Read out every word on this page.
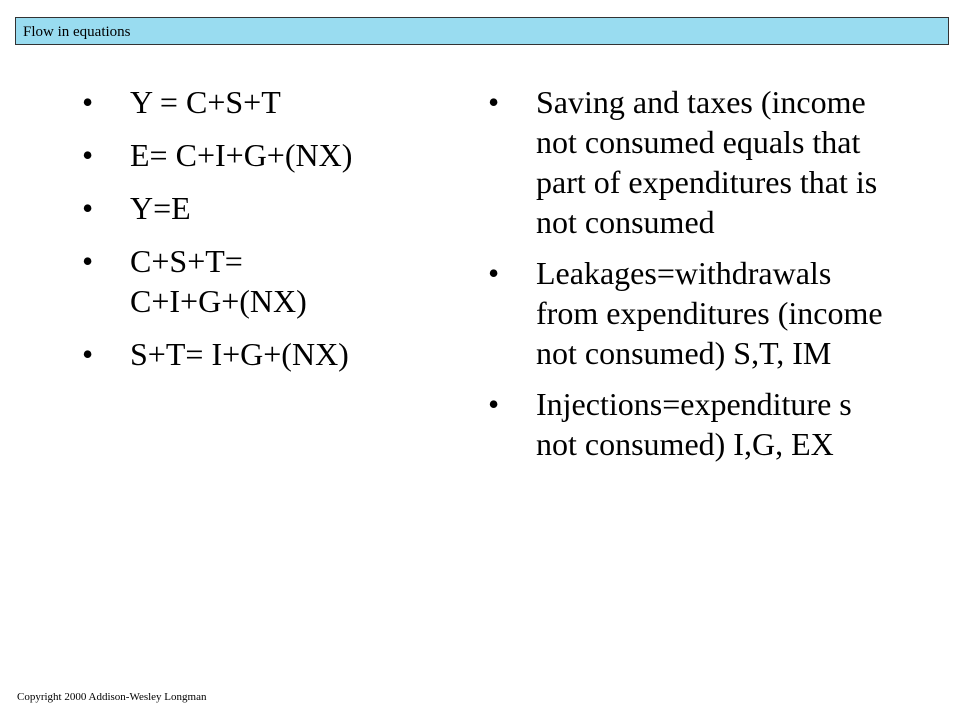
Flow in equations
•	Y = C+S+T
•	E= C+I+G+(NX)
•	Y=E
•	C+S+T= C+I+G+(NX)
•	S+T= I+G+(NX)
•	Saving and taxes (income not consumed equals that part of expenditures that is not consumed
•	Leakages=withdrawals from expenditures (income not consumed) S,T, IM
•	Injections=expenditure s not consumed) I,G, EX
Copyright 2000 Addison-Wesley Longman
